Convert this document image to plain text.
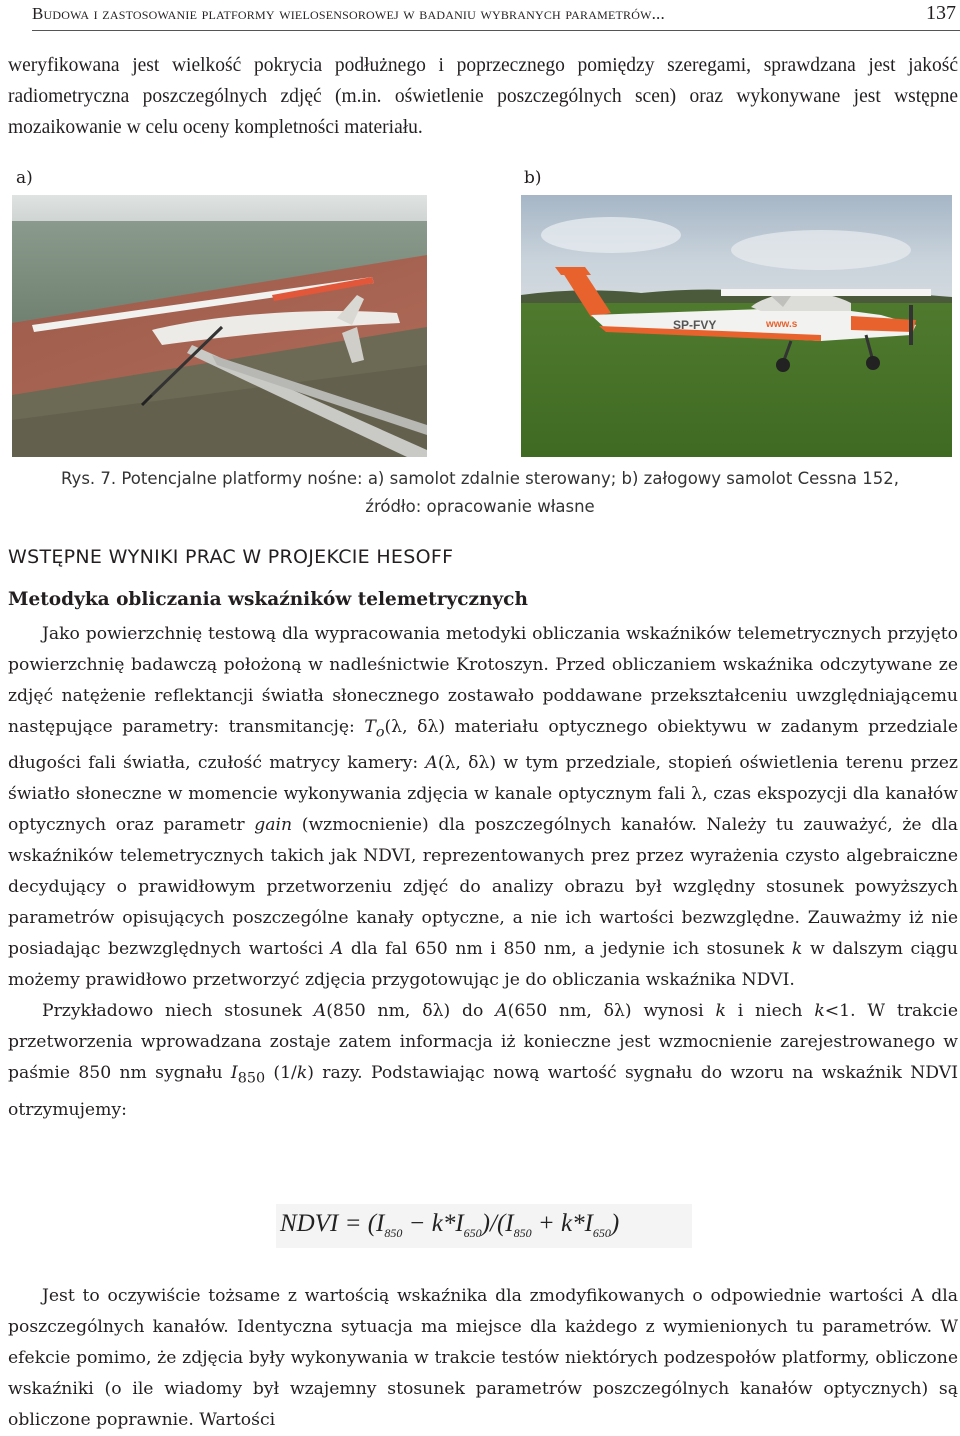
Budowa i zastosowanie platformy wielosensorowej w badaniu wybranych parametrów...	137

weryfikowana jest wielkość pokrycia podłużnego i poprzecznego pomiędzy szeregami, sprawdzana jest jakość radiometryczna poszczególnych zdjęć (m.in. oświetlenie poszczególnych scen) oraz wykonywane jest wstępne mozaikowanie w celu oceny kompletności materiału.

a)	b)
SP-FVY	www.s

Rys. 7. Potencjalne platformy nośne: a) samolot zdalnie sterowany; b) załogowy samolot Cessna 152,

źródło: opracowanie własne

WSTĘPNE WYNIKI PRAC W PROJEKCIE HESOFF
Metodyka obliczania wskaźników telemetrycznych

Jako powierzchnię testową dla wypracowania metodyki obliczania wskaźników telemetrycznych przyjęto powierzchnię badawczą położoną w nadleśnictwie Krotoszyn. Przed obliczaniem wskaźnika odczytywane ze zdjęć natężenie reflektancji światła słonecznego zostawało poddawane przekształceniu uwzględniającemu następujące parametry: transmitancję: $T_o(\lambda$, δλ) materiału optycznego obiektywu w zadanym przedziale długości fali światła, czułość matrycy kamery: A(λ, δλ) w tym przedziale, stopień oświetlenia terenu przez światło słoneczne w momencie wykonywania zdjęcia w kanale optycznym fali λ, czas ekspozycji dla kanałów optycznych oraz parametr gain (wzmocnienie) dla poszczególnych kanałów. Należy tu zauważyć, że dla wskaźników telemetrycznych takich jak NDVI, reprezentowanych prez przez wyrażenia czysto algebraiczne decydujący o prawidłowym przetworzeniu zdjęć do analizy obrazu był względny stosunek powyższych parametrów opisujących poszczególne kanały optyczne, a nie ich wartości bezwzględne. Zauważmy iż nie posiadając bezwzględnych wartości A dla fal 650 nm i 850 nm, a jedynie ich stosunek k w dalszym ciągu możemy prawidłowo przetworzyć zdjęcia przygotowując je do obliczania wskaźnika NDVI.

Przykładowo niech stosunek A(850 nm, δλ) do A(650 nm, δλ) wynosi k i niech k<1. W trakcie przetworzenia wprowadzana zostaje zatem informacja iż konieczne jest wzmocnienie zarejestrowanego w paśmie 850 nm sygnału $I_{850}$ (1/k) razy. Podstawiając nową wartość sygnału do wzoru na wskaźnik NDVI otrzymujemy:

NDVI = $(I_{850} - k*I_{650})/(I_{850} + k*I_{650})$

Jest to oczywiście tożsame z wartością wskaźnika dla zmodyfikowanych o odpowiednie wartości A dla poszczególnych kanałów. Identyczna sytuacja ma miejsce dla każdego z wymienionych tu parametrów. W efekcie pomimo, że zdjęcia były wykonywania w trakcie testów niektórych podzespołów platformy, obliczone wskaźniki (o ile wiadomy był wzajemny stosunek parametrów poszczególnych kanałów optycznych) są obliczone poprawnie. Wartości
